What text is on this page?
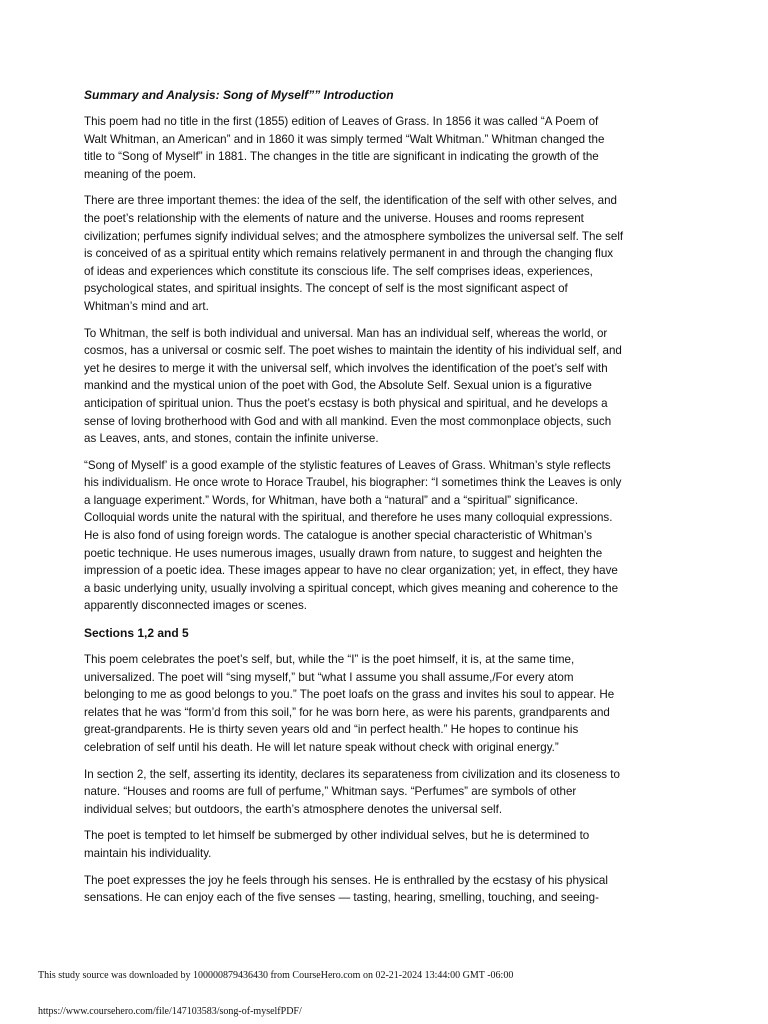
Summary and Analysis: Song of Myself”” Introduction

This poem had no title in the first (1855) edition of Leaves of Grass. In 1856 it was called “A Poem of Walt Whitman, an American” and in 1860 it was simply termed “Walt Whitman.” Whitman changed the title to “Song of Myself” in 1881. The changes in the title are significant in indicating the growth of the meaning of the poem.

There are three important themes: the idea of the self, the identification of the self with other selves, and the poet’s relationship with the elements of nature and the universe. Houses and rooms represent civilization; perfumes signify individual selves; and the atmosphere symbolizes the universal self. The self is conceived of as a spiritual entity which remains relatively permanent in and through the changing flux of ideas and experiences which constitute its conscious life. The self comprises ideas, experiences, psychological states, and spiritual insights. The concept of self is the most significant aspect of Whitman’s mind and art.

To Whitman, the self is both individual and universal. Man has an individual self, whereas the world, or cosmos, has a universal or cosmic self. The poet wishes to maintain the identity of his individual self, and yet he desires to merge it with the universal self, which involves the identification of the poet’s self with mankind and the mystical union of the poet with God, the Absolute Self. Sexual union is a figurative anticipation of spiritual union. Thus the poet’s ecstasy is both physical and spiritual, and he develops a sense of loving brotherhood with God and with all mankind. Even the most commonplace objects, such as Leaves, ants, and stones, contain the infinite universe.

“Song of Myself’ is a good example of the stylistic features of Leaves of Grass. Whitman’s style reflects his individualism. He once wrote to Horace Traubel, his biographer: “I sometimes think the Leaves is only a language experiment.” Words, for Whitman, have both a “natural” and a “spiritual” significance. Colloquial words unite the natural with the spiritual, and therefore he uses many colloquial expressions. He is also fond of using foreign words. The catalogue is another special characteristic of Whitman’s poetic technique. He uses numerous images, usually drawn from nature, to suggest and heighten the impression of a poetic idea. These images appear to have no clear organization; yet, in effect, they have a basic underlying unity, usually involving a spiritual concept, which gives meaning and coherence to the apparently disconnected images or scenes.

Sections 1,2 and 5

This poem celebrates the poet’s self, but, while the “I” is the poet himself, it is, at the same time, universalized. The poet will “sing myself,” but “what I assume you shall assume,/For every atom belonging to me as good belongs to you.” The poet loafs on the grass and invites his soul to appear. He relates that he was “form’d from this soil,” for he was born here, as were his parents, grandparents and great-grandparents. He is thirty seven years old and “in perfect health.” He hopes to continue his celebration of self until his death. He will let nature speak without check with original energy.”

In section 2, the self, asserting its identity, declares its separateness from civilization and its closeness to nature. “Houses and rooms are full of perfume,” Whitman says. “Perfumes” are symbols of other individual selves; but outdoors, the earth’s atmosphere denotes the universal self.

The poet is tempted to let himself be submerged by other individual selves, but he is determined to maintain his individuality.

The poet expresses the joy he feels through his senses. He is enthralled by the ecstasy of his physical sensations. He can enjoy each of the five senses — tasting, hearing, smelling, touching, and seeing-

This study source was downloaded by 100000879436430 from CourseHero.com on 02-21-2024 13:44:00 GMT -06:00
https://www.coursehero.com/file/147103583/song-of-myselfPDF/
